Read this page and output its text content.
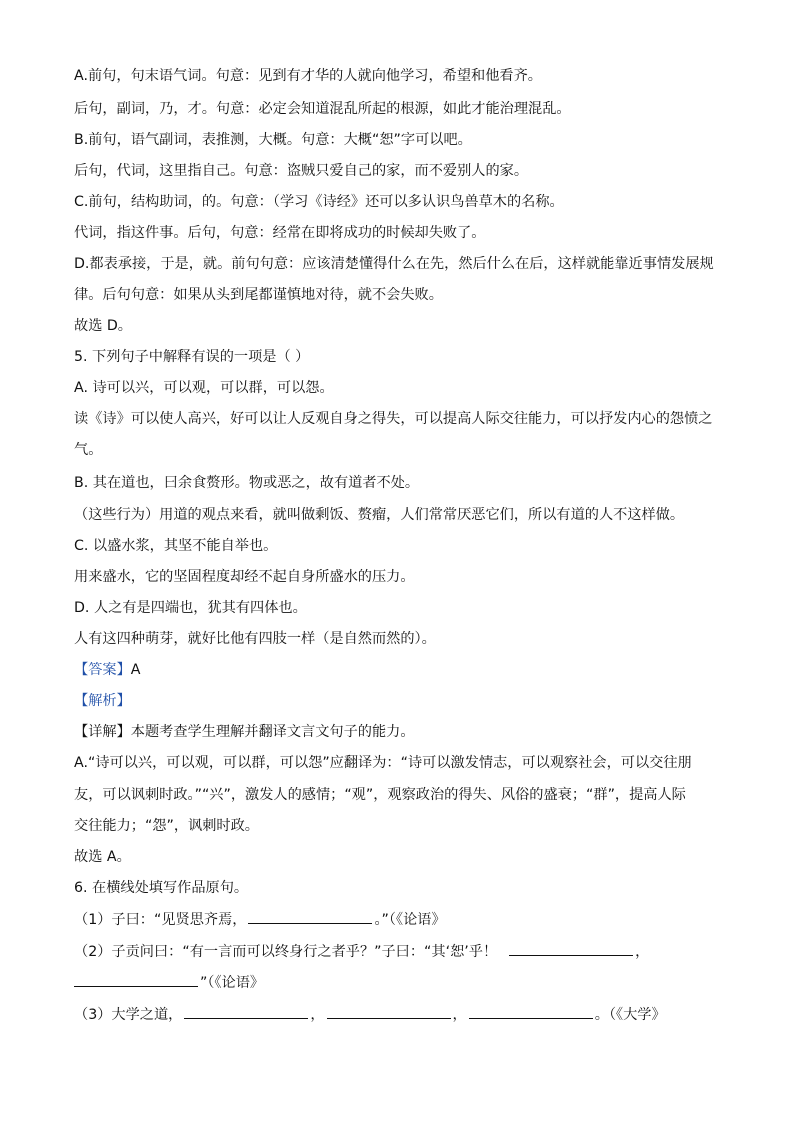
A.前句，句末语气词。句意：见到有才华的人就向他学习，希望和他看齐。
后句，副词，乃，才。句意：必定会知道混乱所起的根源，如此才能治理混乱。
B.前句，语气副词，表推测，大概。句意：大概“恕”字可以吧。
后句，代词，这里指自己。句意：盗贼只爱自己的家，而不爱别人的家。
C.前句，结构助词，的。句意：（学习《诗经》还可以多认识鸟兽草木的名称。
代词，指这件事。后句，句意：经常在即将成功的时候却失败了。
D.都表承接，于是，就。前句句意：应该清楚懂得什么在先，然后什么在后，这样就能靠近事情发展规
律。后句句意：如果从头到尾都谨慎地对待，就不会失败。
故选 D。
5. 下列句子中解释有误的一项是（ ）
A. 诗可以兴，可以观，可以群，可以怨。
读《诗》可以使人高兴，好可以让人反观自身之得失，可以提高人际交往能力，可以抒发内心的怨愤之
气。
B. 其在道也，曰余食赘形。物或恶之，故有道者不处。
（这些行为）用道的观点来看，就叫做剩饭、赘瘤，人们常常厌恶它们，所以有道的人不这样做。
C. 以盛水浆，其坚不能自举也。
用来盛水，它的坚固程度却经不起自身所盛水的压力。
D. 人之有是四端也，犹其有四体也。
人有这四种萌芽，就好比他有四肢一样（是自然而然的）。
【答案】A
【解析】
【详解】本题考查学生理解并翻译文言文句子的能力。
A.“诗可以兴，可以观，可以群，可以怨”应翻译为：“诗可以激发情志，可以观察社会，可以交往朋
友，可以讽刺时政。”“兴”，激发人的感情；“观”，观察政治的得失、风俗的盛衰；“群”，提高人际
交往能力；“怨”，讽刺时政。
故选 A。
6. 在横线处填写作品原句。
（1）子曰：“见贤思齐焉，	。”（《论语》
（2）子贡问曰：“有一言而可以终身行之者乎？”子曰：“其‘恕’乎！	，
”（《论语》
（3）大学之道，	，	，	。（《大学》
